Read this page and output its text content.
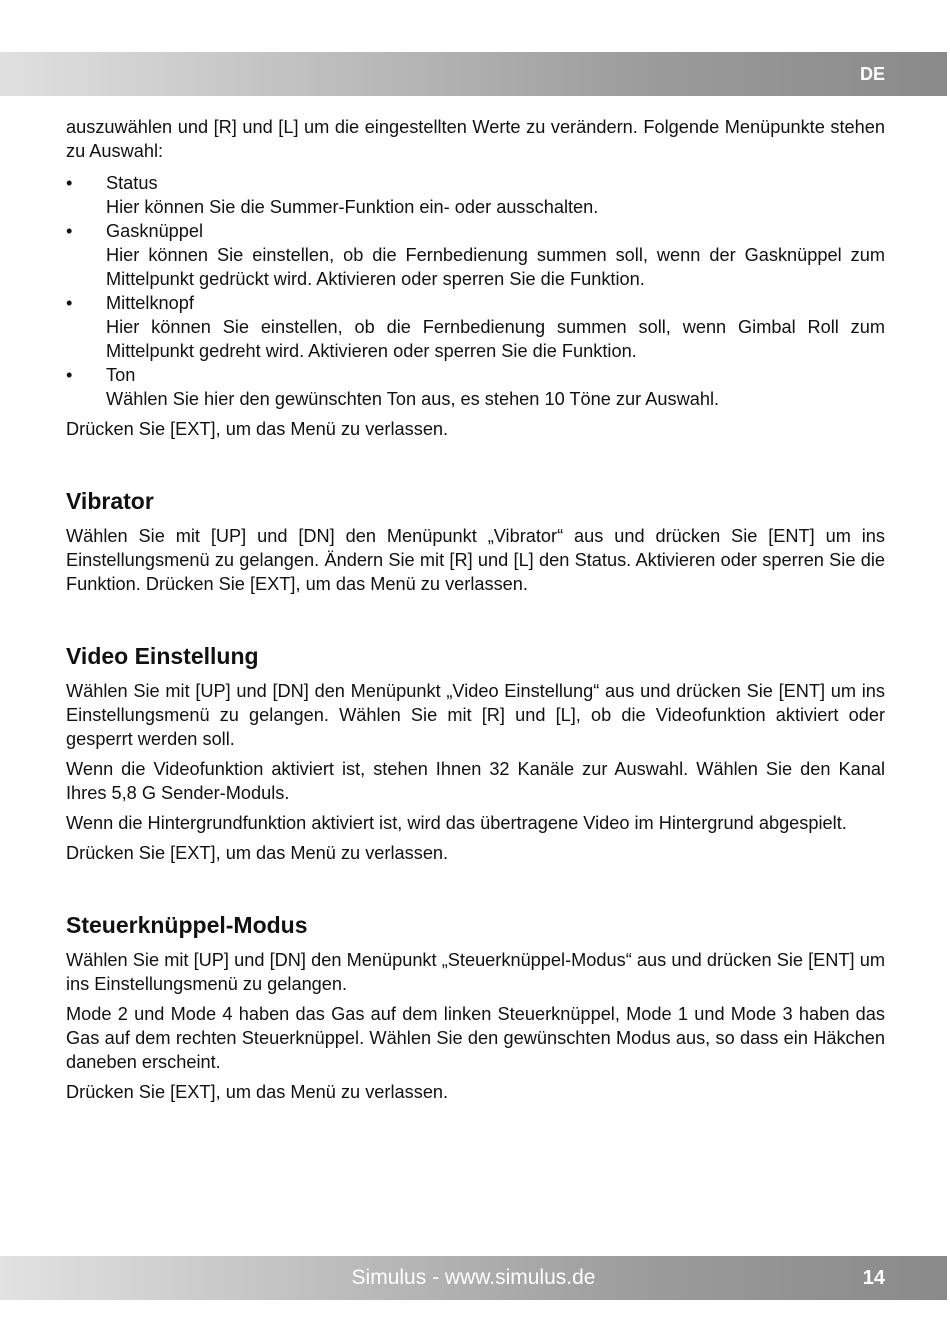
DE

auszuwählen und [R] und [L] um die eingestellten Werte zu verändern. Folgende Menüpunkte stehen zu Auswahl:

•	Status
Hier können Sie die Summer-Funktion ein- oder ausschalten.
•	Gasknüppel
Hier können Sie einstellen, ob die Fernbedienung summen soll, wenn der Gasknüppel zum Mittelpunkt gedrückt wird. Aktivieren oder sperren Sie die Funktion.
•	Mittelknopf
Hier können Sie einstellen, ob die Fernbedienung summen soll, wenn Gimbal Roll zum Mittelpunkt gedreht wird. Aktivieren oder sperren Sie die Funktion.
•	Ton
Wählen Sie hier den gewünschten Ton aus, es stehen 10 Töne zur Auswahl.

Drücken Sie [EXT], um das Menü zu verlassen.

Vibrator

Wählen Sie mit [UP] und [DN] den Menüpunkt „Vibrator“ aus und drücken Sie [ENT] um ins Einstellungsmenü zu gelangen. Ändern Sie mit [R] und [L] den Status. Aktivieren oder sperren Sie die Funktion. Drücken Sie [EXT], um das Menü zu verlassen.

Video Einstellung

Wählen Sie mit [UP] und [DN] den Menüpunkt „Video Einstellung“ aus und drücken Sie [ENT] um ins Einstellungsmenü zu gelangen. Wählen Sie mit [R] und [L], ob die Videofunktion aktiviert oder gesperrt werden soll.

Wenn die Videofunktion aktiviert ist, stehen Ihnen 32 Kanäle zur Auswahl. Wählen Sie den Kanal Ihres 5,8 G Sender-Moduls.

Wenn die Hintergrundfunktion aktiviert ist, wird das übertragene Video im Hintergrund abgespielt.

Drücken Sie [EXT], um das Menü zu verlassen.

Steuerknüppel-Modus

Wählen Sie mit [UP] und [DN] den Menüpunkt „Steuerknüppel-Modus“ aus und drücken Sie [ENT] um ins Einstellungsmenü zu gelangen.

Mode 2 und Mode 4 haben das Gas auf dem linken Steuerknüppel, Mode 1 und Mode 3 haben das Gas auf dem rechten Steuerknüppel. Wählen Sie den gewünschten Modus aus, so dass ein Häkchen daneben erscheint.

Drücken Sie [EXT], um das Menü zu verlassen.

Simulus - www.simulus.de	14
